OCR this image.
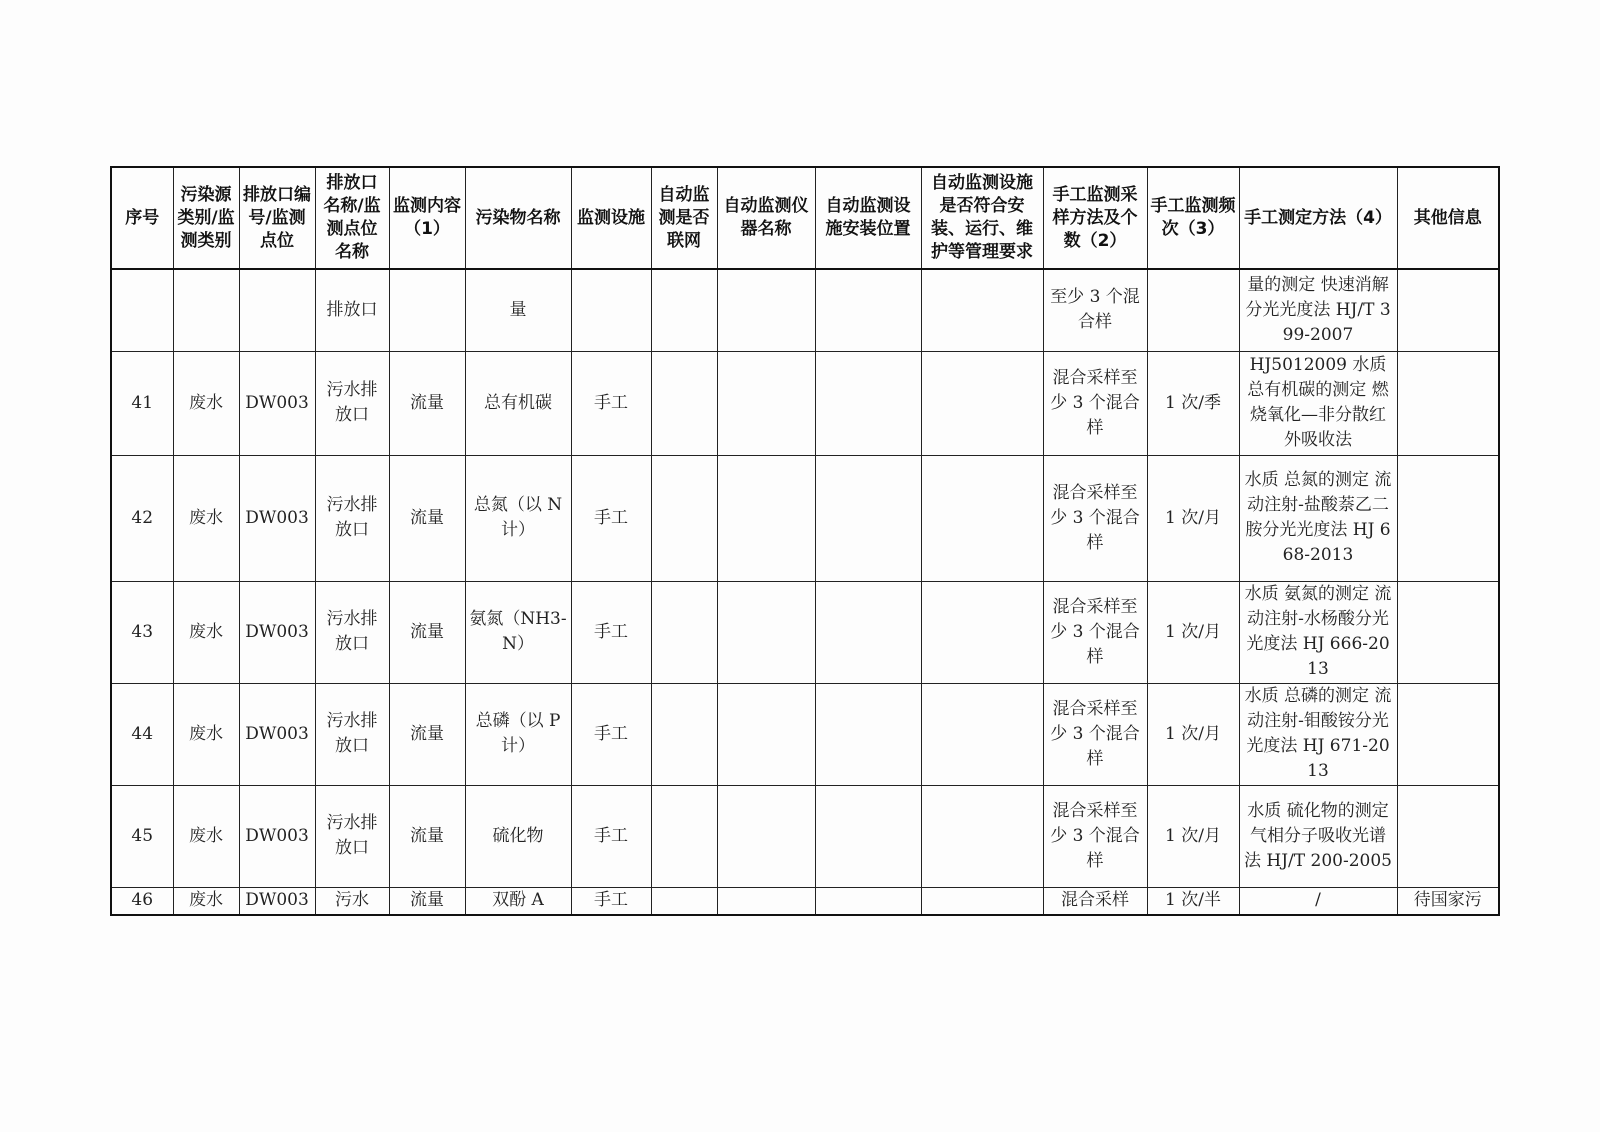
序号	污染源类别/监测类别	排放口编号/监测点位	排放口名称/监测点位名称	监测内容（1）	污染物名称	监测设施	自动监测是否联网	自动监测仪器名称	自动监测设施安装位置	自动监测设施是否符合安装、运行、维护等管理要求	手工监测采样方法及个数（2）	手工监测频次（3）	手工测定方法（4）	其他信息
			排放口		量						至少 3 个混合样		量的测定 快速消解分光光度法 HJ/T 399-2007	
41	废水	DW003	污水排放口	流量	总有机碳	手工					混合采样至少 3 个混合样	1 次/季	HJ5012009 水质总有机碳的测定 燃烧氧化—非分散红外吸收法	
42	废水	DW003	污水排放口	流量	总氮（以 N 计）	手工					混合采样至少 3 个混合样	1 次/月	水质 总氮的测定 流动注射-盐酸萘乙二胺分光光度法 HJ 668-2013	
43	废水	DW003	污水排放口	流量	氨氮（NH3-N）	手工					混合采样至少 3 个混合样	1 次/月	水质 氨氮的测定 流动注射-水杨酸分光光度法 HJ 666-2013	
44	废水	DW003	污水排放口	流量	总磷（以 P 计）	手工					混合采样至少 3 个混合样	1 次/月	水质 总磷的测定 流动注射-钼酸铵分光光度法 HJ 671-2013	
45	废水	DW003	污水排放口	流量	硫化物	手工					混合采样至少 3 个混合样	1 次/月	水质 硫化物的测定 气相分子吸收光谱法 HJ/T 200-2005	
46	废水	DW003	污水	流量	双酚 A	手工					混合采样	1 次/半	/	待国家污
